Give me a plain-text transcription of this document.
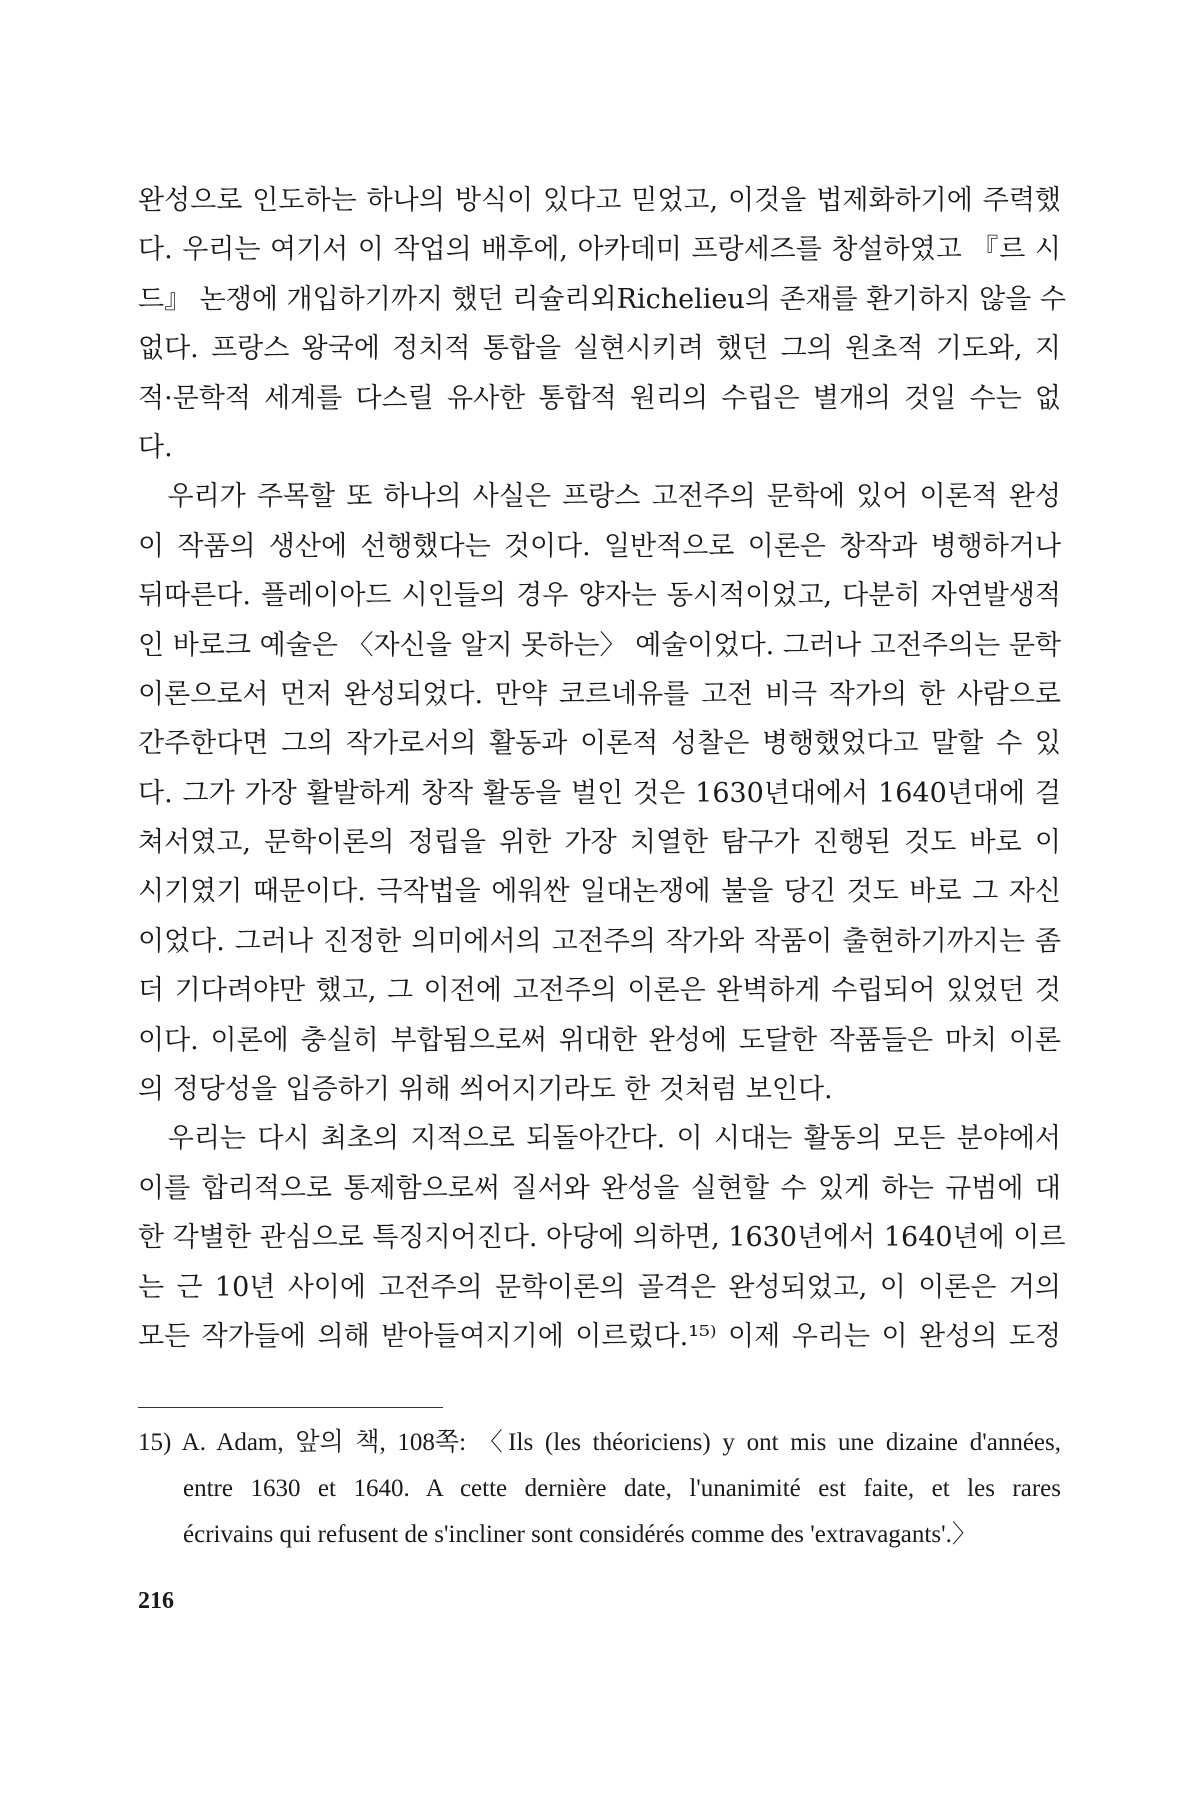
완성으로 인도하는 하나의 방식이 있다고 믿었고, 이것을 법제화하기에 주력했
다. 우리는 여기서 이 작업의 배후에, 아카데미 프랑세즈를 창설하였고 『르 시
드』 논쟁에 개입하기까지 했던 리슐리외Richelieu의 존재를 환기하지 않을 수
없다. 프랑스 왕국에 정치적 통합을 실현시키려 했던 그의 원초적 기도와, 지
적·문학적 세계를 다스릴 유사한 통합적 원리의 수립은 별개의 것일 수는 없
다.
　우리가 주목할 또 하나의 사실은 프랑스 고전주의 문학에 있어 이론적 완성
이 작품의 생산에 선행했다는 것이다. 일반적으로 이론은 창작과 병행하거나
뒤따른다. 플레이아드 시인들의 경우 양자는 동시적이었고, 다분히 자연발생적
인 바로크 예술은 〈자신을 알지 못하는〉 예술이었다. 그러나 고전주의는 문학
이론으로서 먼저 완성되었다. 만약 코르네유를 고전 비극 작가의 한 사람으로
간주한다면 그의 작가로서의 활동과 이론적 성찰은 병행했었다고 말할 수 있
다. 그가 가장 활발하게 창작 활동을 벌인 것은 1630년대에서 1640년대에 걸
쳐서였고, 문학이론의 정립을 위한 가장 치열한 탐구가 진행된 것도 바로 이
시기였기 때문이다. 극작법을 에워싼 일대논쟁에 불을 당긴 것도 바로 그 자신
이었다. 그러나 진정한 의미에서의 고전주의 작가와 작품이 출현하기까지는 좀
더 기다려야만 했고, 그 이전에 고전주의 이론은 완벽하게 수립되어 있었던 것
이다. 이론에 충실히 부합됨으로써 위대한 완성에 도달한 작품들은 마치 이론
의 정당성을 입증하기 위해 씌어지기라도 한 것처럼 보인다.
　우리는 다시 최초의 지적으로 되돌아간다. 이 시대는 활동의 모든 분야에서
이를 합리적으로 통제함으로써 질서와 완성을 실현할 수 있게 하는 규범에 대
한 각별한 관심으로 특징지어진다. 아당에 의하면, 1630년에서 1640년에 이르
는 근 10년 사이에 고전주의 문학이론의 골격은 완성되었고, 이 이론은 거의
모든 작가들에 의해 받아들여지기에 이르렀다.¹⁵⁾ 이제 우리는 이 완성의 도정
15) A. Adam, 앞의 책, 108쪽: 〈Ils (les théoriciens) y ont mis une dizaine d'années,
entre 1630 et 1640. A cette dernière date, l'unanimité est faite, et les rares
écrivains qui refusent de s'incliner sont considérés comme des 'extravagants'.〉
216
